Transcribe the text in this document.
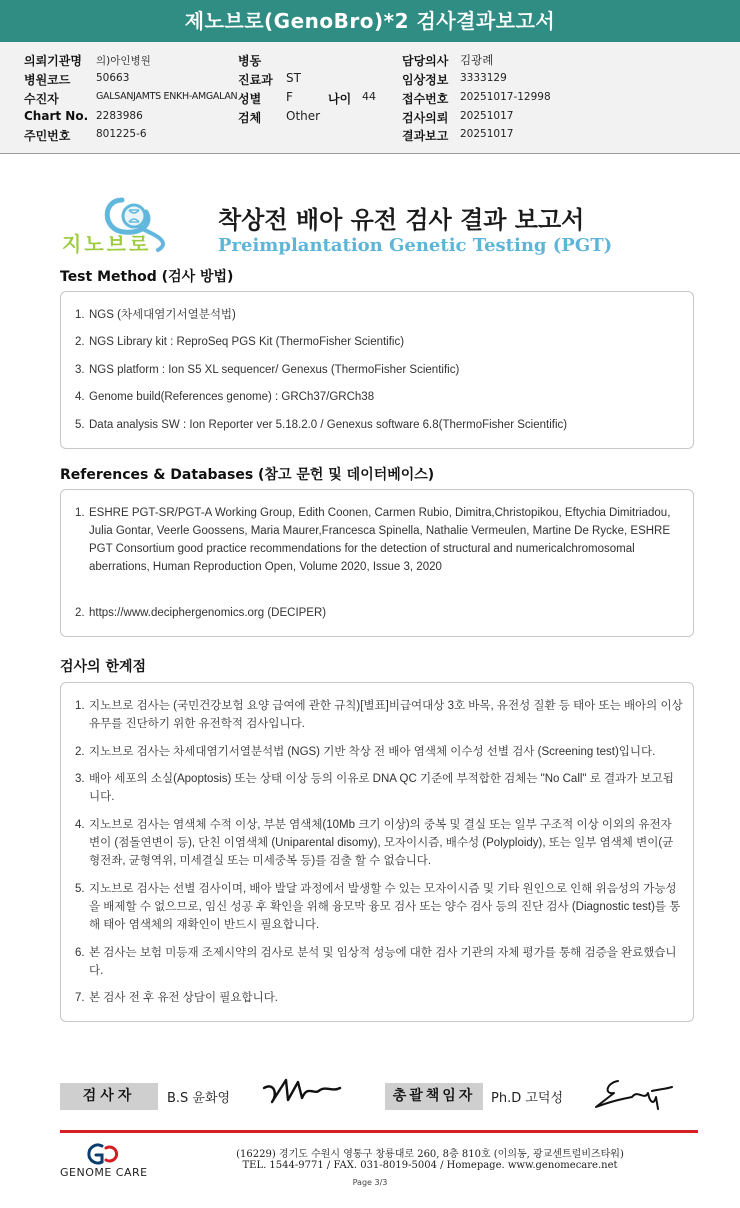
제노브로(GenoBro)*2 검사결과보고서
의뢰기관명 의)아인병원
병원코드 50663
수진자	GALSANJAMTS ENKH-AMGALAN
Chart No. 2283986
주민번호 801225-6
병동
진료과 ST
성별 F
검체 Other
나이 44
담당의사 김광례
임상정보 3333129
접수번호 20251017-12998
검사의뢰 20251017
결과보고 20251017
지노브로
착상전 배아 유전 검사 결과 보고서
Preimplantation Genetic Testing (PGT)
Test Method (검사 방법)
1. NGS (차세대염기서열분석법)
2. NGS Library kit : ReproSeq PGS Kit (ThermoFisher Scientific)
3. NGS platform : Ion S5 XL sequencer/ Genexus (ThermoFisher Scientific)
4. Genome build(References genome) : GRCh37/GRCh38
5. Data analysis SW : Ion Reporter ver 5.18.2.0 / Genexus software 6.8(ThermoFisher Scientific)
References & Databases (참고 문헌 및 데이터베이스)
1. ESHRE PGT-SR/PGT-A Working Group, Edith Coonen, Carmen Rubio, Dimitra,Christopikou, Eftychia Dimitriadou, Julia Gontar, Veerle Goossens, Maria Maurer,Francesca Spinella, Nathalie Vermeulen, Martine De Rycke, ESHRE PGT Consortium good practice recommendations for the detection of structural and numericalchromosomal aberrations, Human Reproduction Open, Volume 2020, Issue 3, 2020
2. https://www.deciphergenomics.org (DECIPER)
검사의 한계점
1. 지노브로 검사는 (국민건강보험 요양 급여에 관한 규칙)[별표]비급여대상 3호 바목, 유전성 질환 등 태아 또는 배아의 이상 유무를 진단하기 위한 유전학적 검사입니다.
2. 지노브로 검사는 차세대염기서열분석법 (NGS) 기반 착상 전 배아 염색체 이수성 선별 검사 (Screening test)입니다.
3. 배아 세포의 소실(Apoptosis) 또는 상태 이상 등의 이유로 DNA QC 기준에 부적합한 검체는 "No Call" 로 결과가 보고됩니다.
4. 지노브로 검사는 염색체 수적 이상, 부분 염색체(10Mb 크기 이상)의 중복 및 결실 또는 일부 구조적 이상 이외의 유전자 변이 (점돌연변이 등), 단친 이염색체 (Uniparental disomy), 모자이시즘, 배수성 (Polyploidy), 또는 일부 염색체 변이(균형전좌, 균형역위, 미세결실 또는 미세중복 등)를 검출 할 수 없습니다.
5. 지노브로 검사는 선별 검사이며, 배아 발달 과정에서 발생할 수 있는 모자이시즘 및 기타 원인으로 인해 위음성의 가능성을 배제할 수 없으므로, 임신 성공 후 확인을 위해 융모막 융모 검사 또는 양수 검사 등의 진단 검사 (Diagnostic test)를 통해 태아 염색체의 재확인이 반드시 필요합니다.
6. 본 검사는 보험 미등재 조제시약의 검사로 분석 및 임상적 성능에 대한 검사 기관의 자체 평가를 통해 검증을 완료했습니다.
7. 본 검사 전 후 유전 상담이 필요합니다.
검사자	B.S 윤화영	총괄책임자	Ph.D 고덕성
GENOME CARE
(16229) 경기도 수원시 영통구 창룡대로 260, 8층 810호 (이의동, 광교센트럴비즈타워)
TEL. 1544-9771 / FAX. 031-8019-5004 / Homepage. www.genomecare.net
Page 3/3
